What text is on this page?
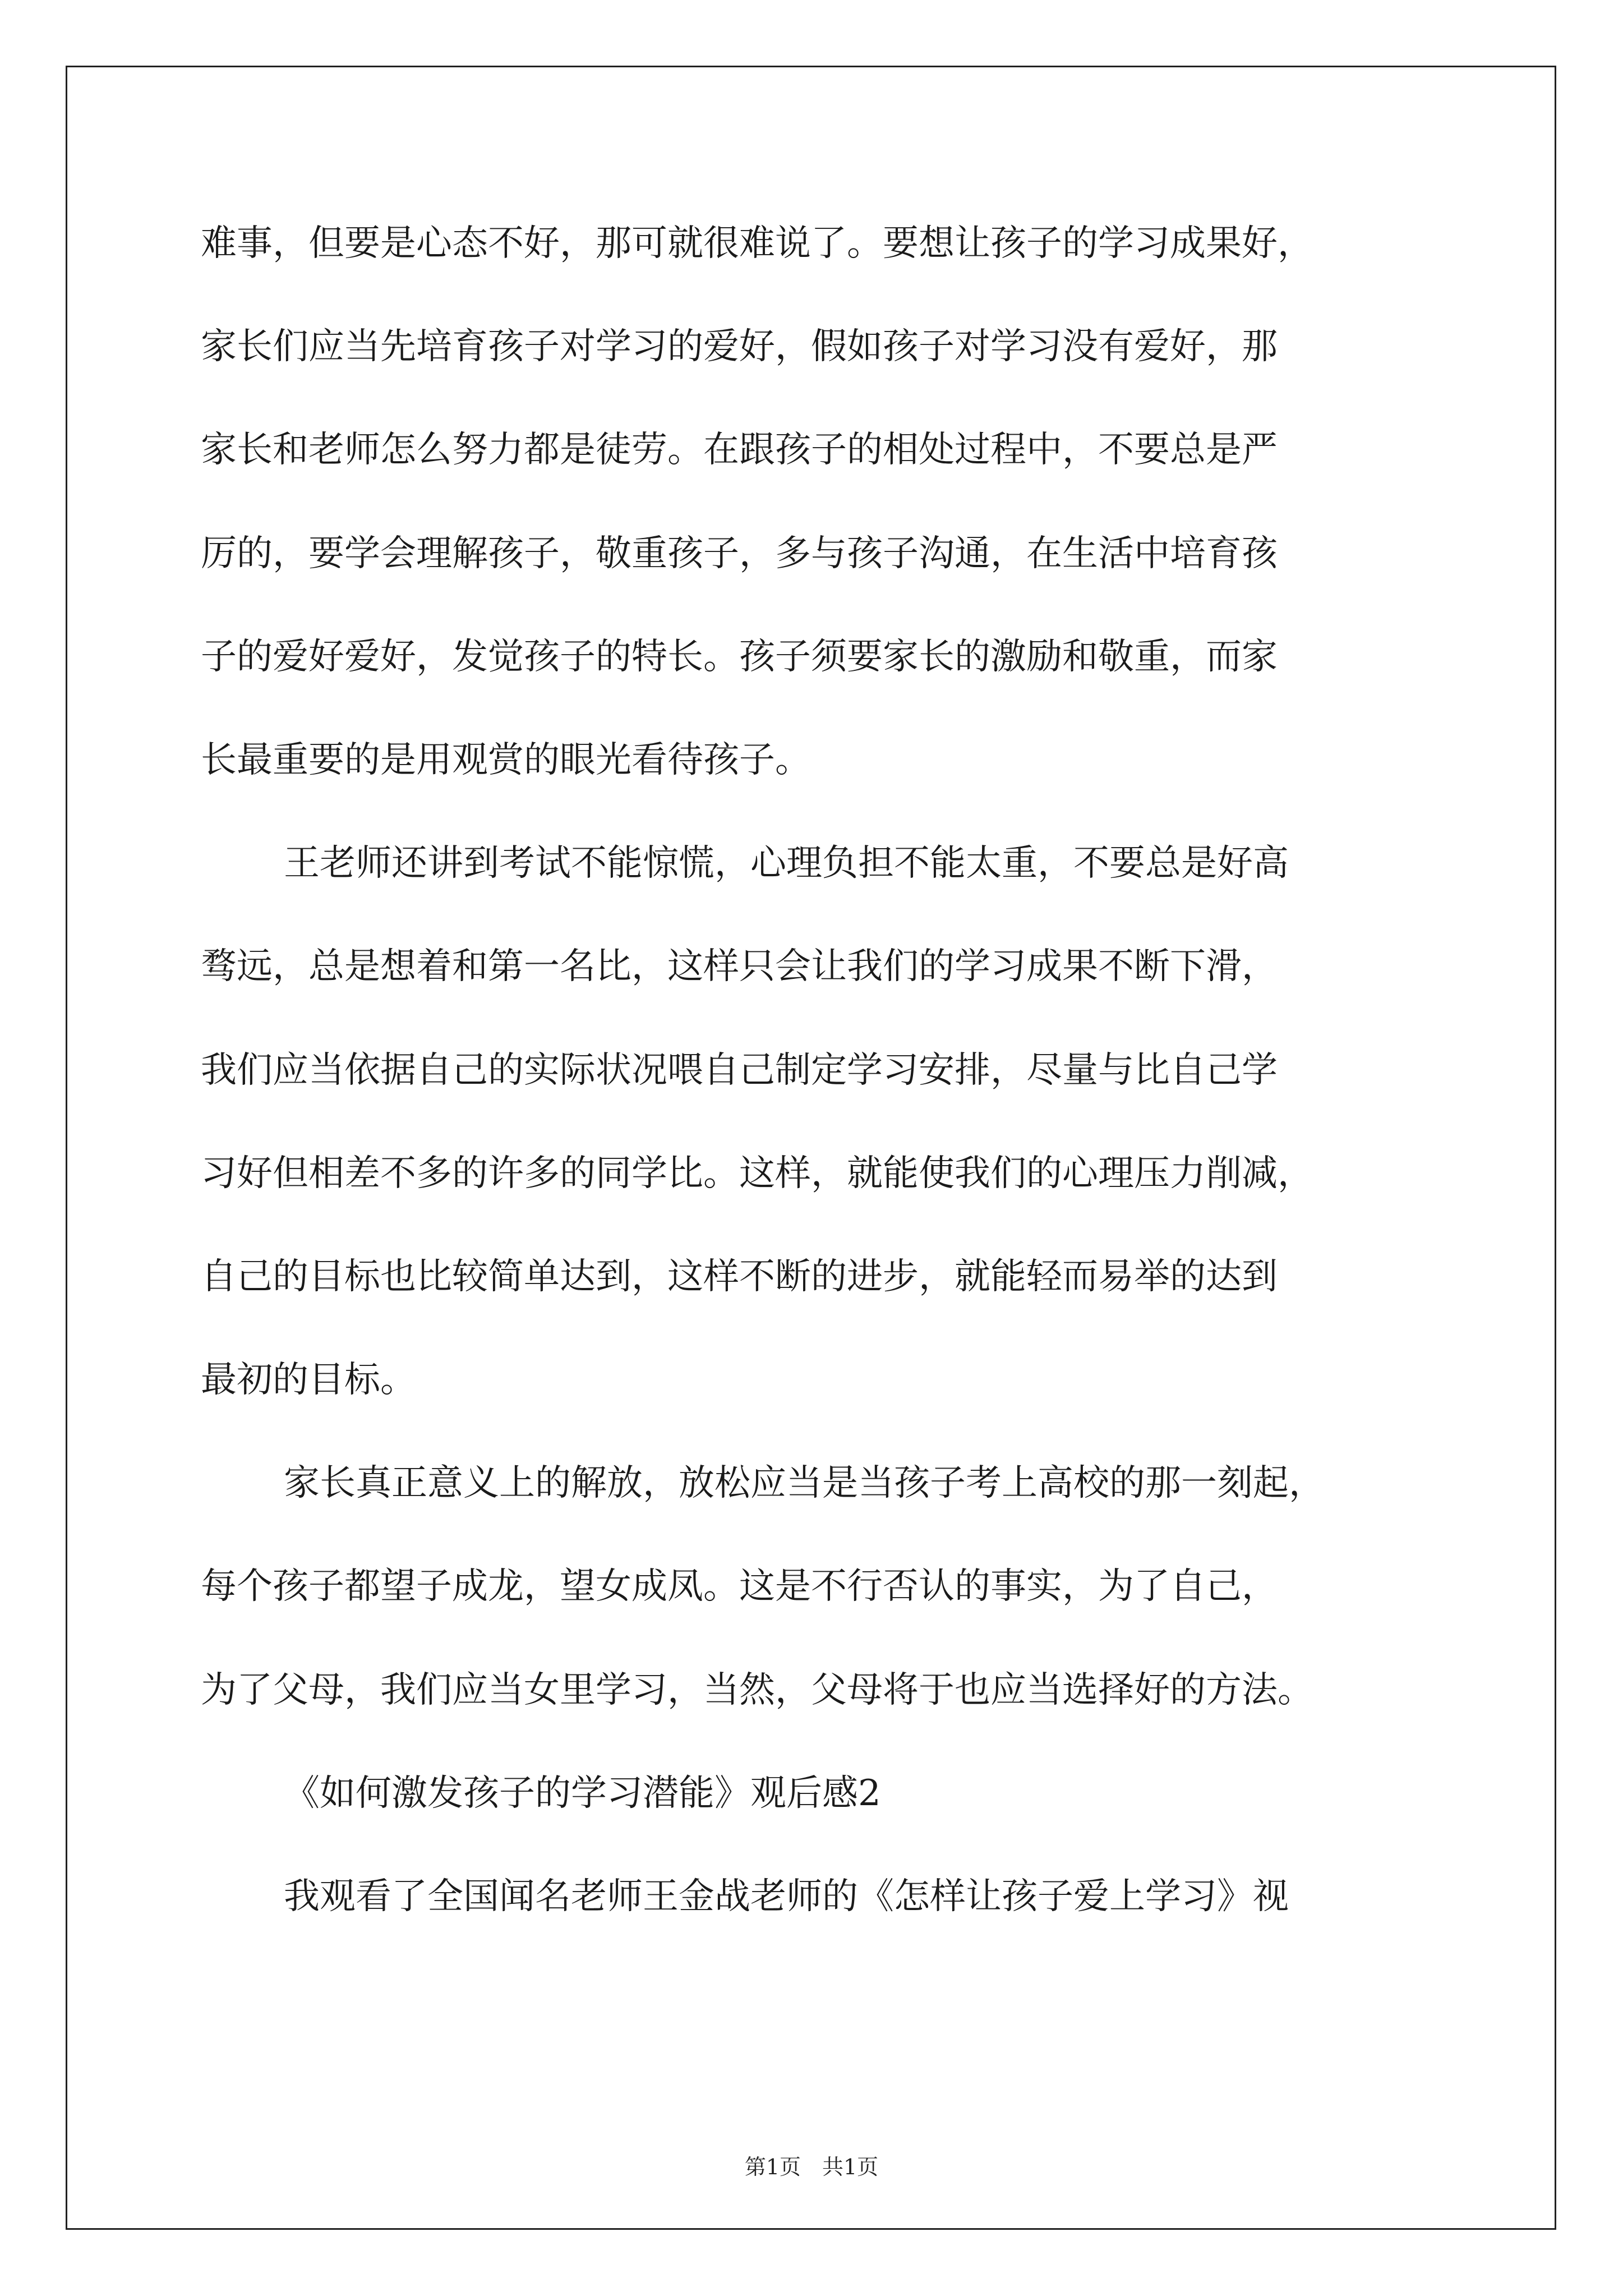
难事，但要是心态不好，那可就很难说了。要想让孩子的学习成果好，
家长们应当先培育孩子对学习的爱好，假如孩子对学习没有爱好，那
家长和老师怎么努力都是徒劳。在跟孩子的相处过程中，不要总是严
厉的，要学会理解孩子，敬重孩子，多与孩子沟通，在生活中培育孩
子的爱好爱好，发觉孩子的特长。孩子须要家长的激励和敬重，而家
长最重要的是用观赏的眼光看待孩子。
王老师还讲到考试不能惊慌，心理负担不能太重，不要总是好高
骛远，总是想着和第一名比，这样只会让我们的学习成果不断下滑，
我们应当依据自己的实际状况喂自己制定学习安排，尽量与比自己学
习好但相差不多的许多的同学比。这样，就能使我们的心理压力削减，
自己的目标也比较简单达到，这样不断的进步，就能轻而易举的达到
最初的目标。
家长真正意义上的解放，放松应当是当孩子考上高校的那一刻起，
每个孩子都望子成龙，望女成凤。这是不行否认的事实，为了自己，
为了父母，我们应当女里学习，当然，父母将于也应当选择好的方法。
《如何激发孩子的学习潜能》观后感2
我观看了全国闻名老师王金战老师的《怎样让孩子爱上学习》视
第1页　共1页
